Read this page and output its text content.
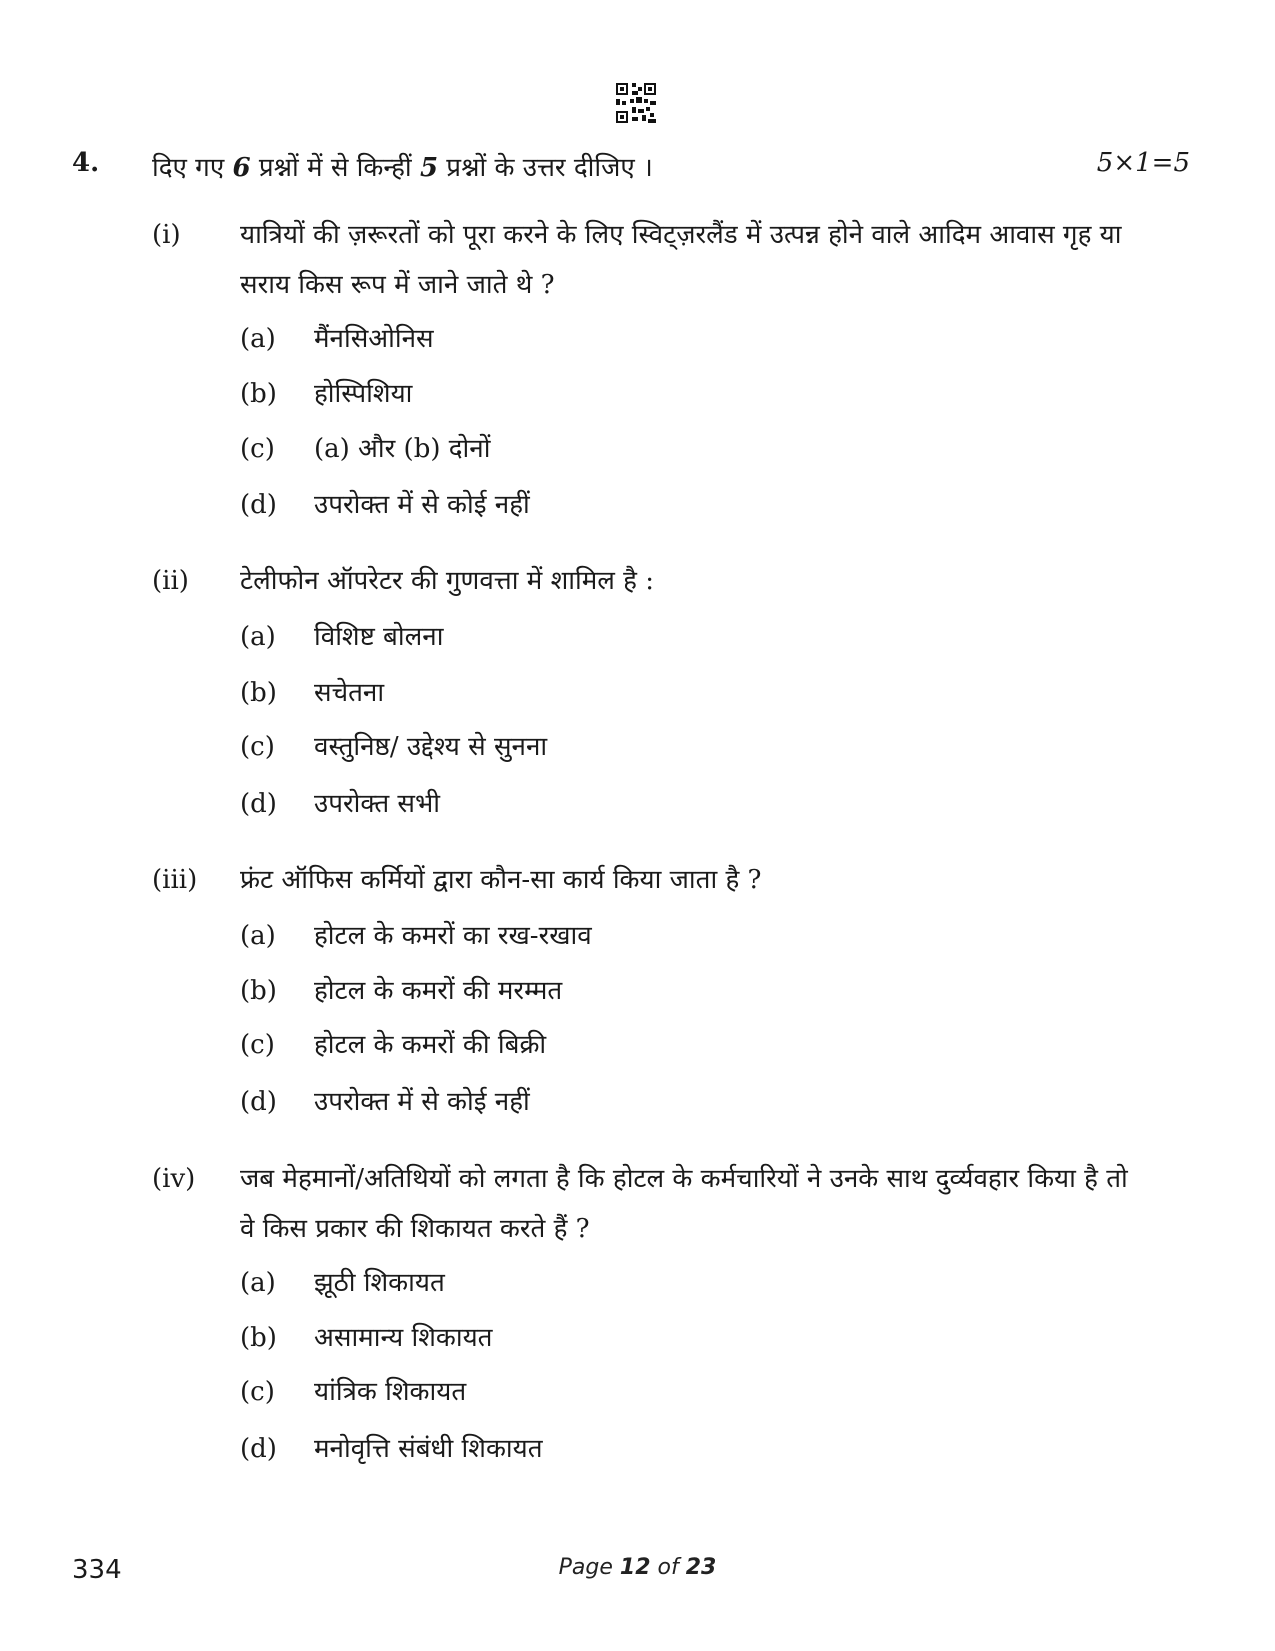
4. दिए गए 6 प्रश्नों में से किन्हीं 5 प्रश्नों के उत्तर दीजिए ।	5×1=5
(i) यात्रियों की ज़रूरतों को पूरा करने के लिए स्विट्ज़रलैंड में उत्पन्न होने वाले आदिम आवास गृह या सराय किस रूप में जाने जाते थे ?
(a) मैंनसिओनिस
(b) होस्पिशिया
(c) (a) और (b) दोनों
(d) उपरोक्त में से कोई नहीं
(ii) टेलीफोन ऑपरेटर की गुणवत्ता में शामिल है :
(a) विशिष्ट बोलना
(b) सचेतना
(c) वस्तुनिष्ठ/ उद्देश्य से सुनना
(d) उपरोक्त सभी
(iii) फ्रंट ऑफिस कर्मियों द्वारा कौन-सा कार्य किया जाता है ?
(a) होटल के कमरों का रख-रखाव
(b) होटल के कमरों की मरम्मत
(c) होटल के कमरों की बिक्री
(d) उपरोक्त में से कोई नहीं
(iv) जब मेहमानों/अतिथियों को लगता है कि होटल के कर्मचारियों ने उनके साथ दुर्व्यवहार किया है तो वे किस प्रकार की शिकायत करते हैं ?
(a) झूठी शिकायत
(b) असामान्य शिकायत
(c) यांत्रिक शिकायत
(d) मनोवृत्ति संबंधी शिकायत
334	Page 12 of 23
